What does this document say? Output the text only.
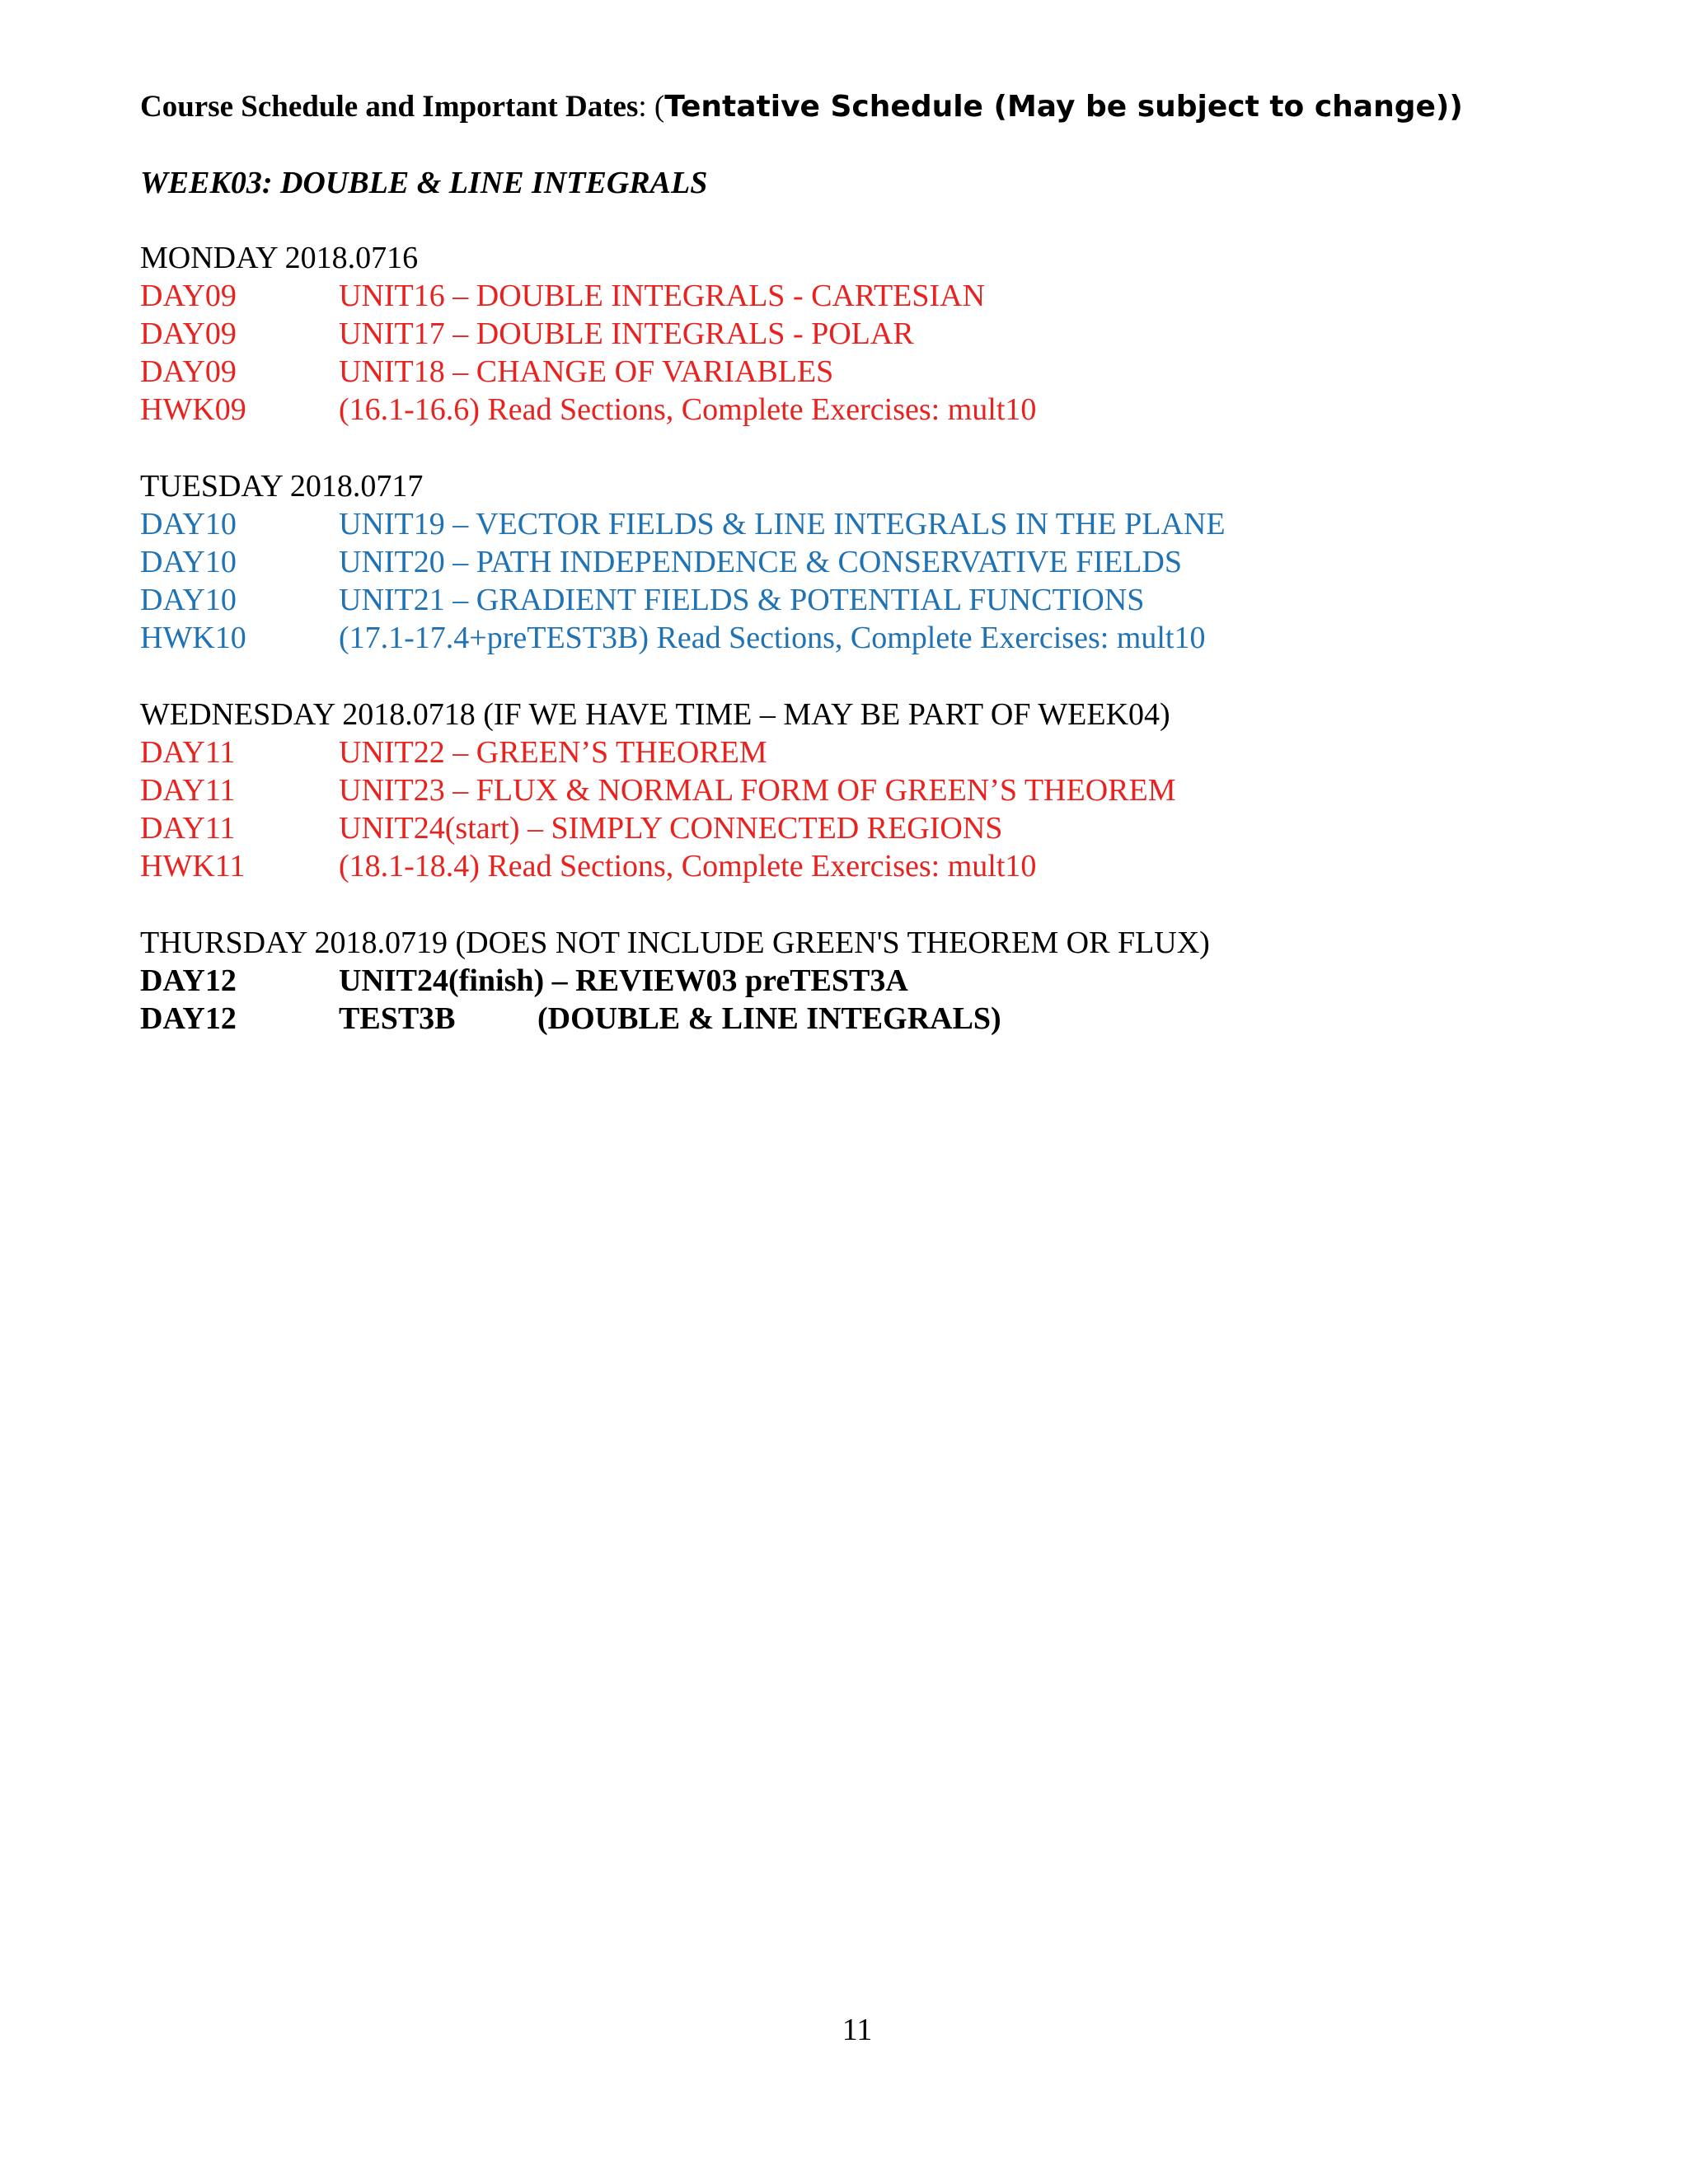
Course Schedule and Important Dates: (Tentative Schedule (May be subject to change))
WEEK03: DOUBLE & LINE INTEGRALS
MONDAY 2018.0716
DAY09	UNIT16 – DOUBLE INTEGRALS - CARTESIAN
DAY09	UNIT17 – DOUBLE INTEGRALS - POLAR
DAY09	UNIT18 – CHANGE OF VARIABLES
HWK09	(16.1-16.6) Read Sections, Complete Exercises: mult10
TUESDAY 2018.0717
DAY10	UNIT19 – VECTOR FIELDS & LINE INTEGRALS IN THE PLANE
DAY10	UNIT20 – PATH INDEPENDENCE & CONSERVATIVE FIELDS
DAY10	UNIT21 – GRADIENT FIELDS & POTENTIAL FUNCTIONS
HWK10	(17.1-17.4+preTEST3B) Read Sections, Complete Exercises: mult10
WEDNESDAY 2018.0718 (IF WE HAVE TIME – MAY BE PART OF WEEK04)
DAY11	UNIT22 – GREEN’S THEOREM
DAY11	UNIT23 – FLUX & NORMAL FORM OF GREEN’S THEOREM
DAY11	UNIT24(start) – SIMPLY CONNECTED REGIONS
HWK11	(18.1-18.4) Read Sections, Complete Exercises: mult10
THURSDAY 2018.0719 (DOES NOT INCLUDE GREEN'S THEOREM OR FLUX)
DAY12	UNIT24(finish) – REVIEW03 preTEST3A
DAY12	TEST3B	(DOUBLE & LINE INTEGRALS)
11
